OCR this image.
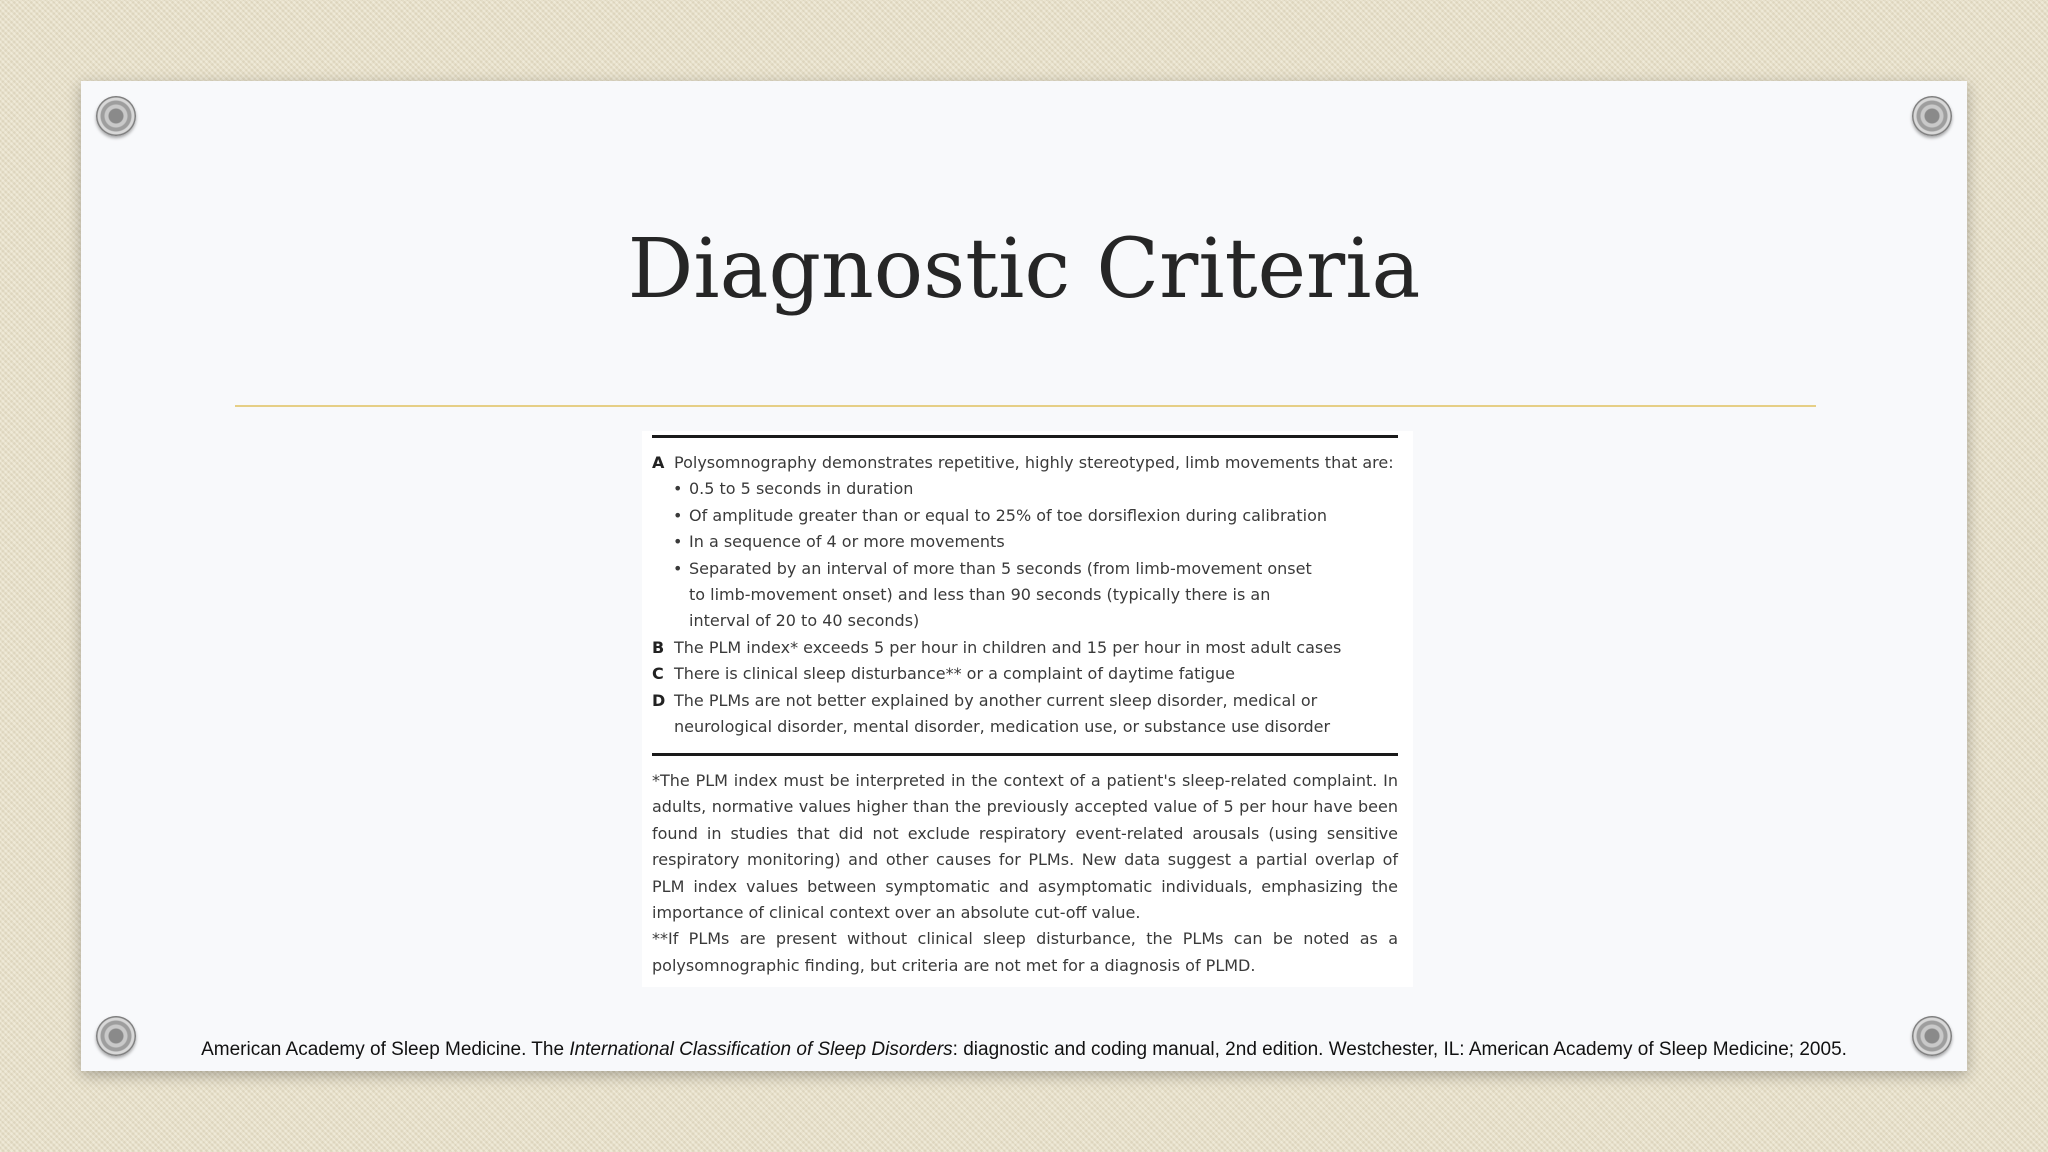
Diagnostic Criteria
A Polysomnography demonstrates repetitive, highly stereotyped, limb movements that are:
• 0.5 to 5 seconds in duration
• Of amplitude greater than or equal to 25% of toe dorsiflexion during calibration
• In a sequence of 4 or more movements
• Separated by an interval of more than 5 seconds (from limb-movement onset to limb-movement onset) and less than 90 seconds (typically there is an interval of 20 to 40 seconds)
B The PLM index* exceeds 5 per hour in children and 15 per hour in most adult cases
C There is clinical sleep disturbance** or a complaint of daytime fatigue
D The PLMs are not better explained by another current sleep disorder, medical or neurological disorder, mental disorder, medication use, or substance use disorder

*The PLM index must be interpreted in the context of a patient's sleep-related complaint. In adults, normative values higher than the previously accepted value of 5 per hour have been found in studies that did not exclude respiratory event-related arousals (using sensitive respiratory monitoring) and other causes for PLMs. New data suggest a partial overlap of PLM index values between symptomatic and asymptomatic individuals, emphasizing the importance of clinical context over an absolute cut-off value.

**If PLMs are present without clinical sleep disturbance, the PLMs can be noted as a polysomnographic finding, but criteria are not met for a diagnosis of PLMD.

American Academy of Sleep Medicine. The International Classification of Sleep Disorders: diagnostic and coding manual, 2nd edition. Westchester, IL: American Academy of Sleep Medicine; 2005.
